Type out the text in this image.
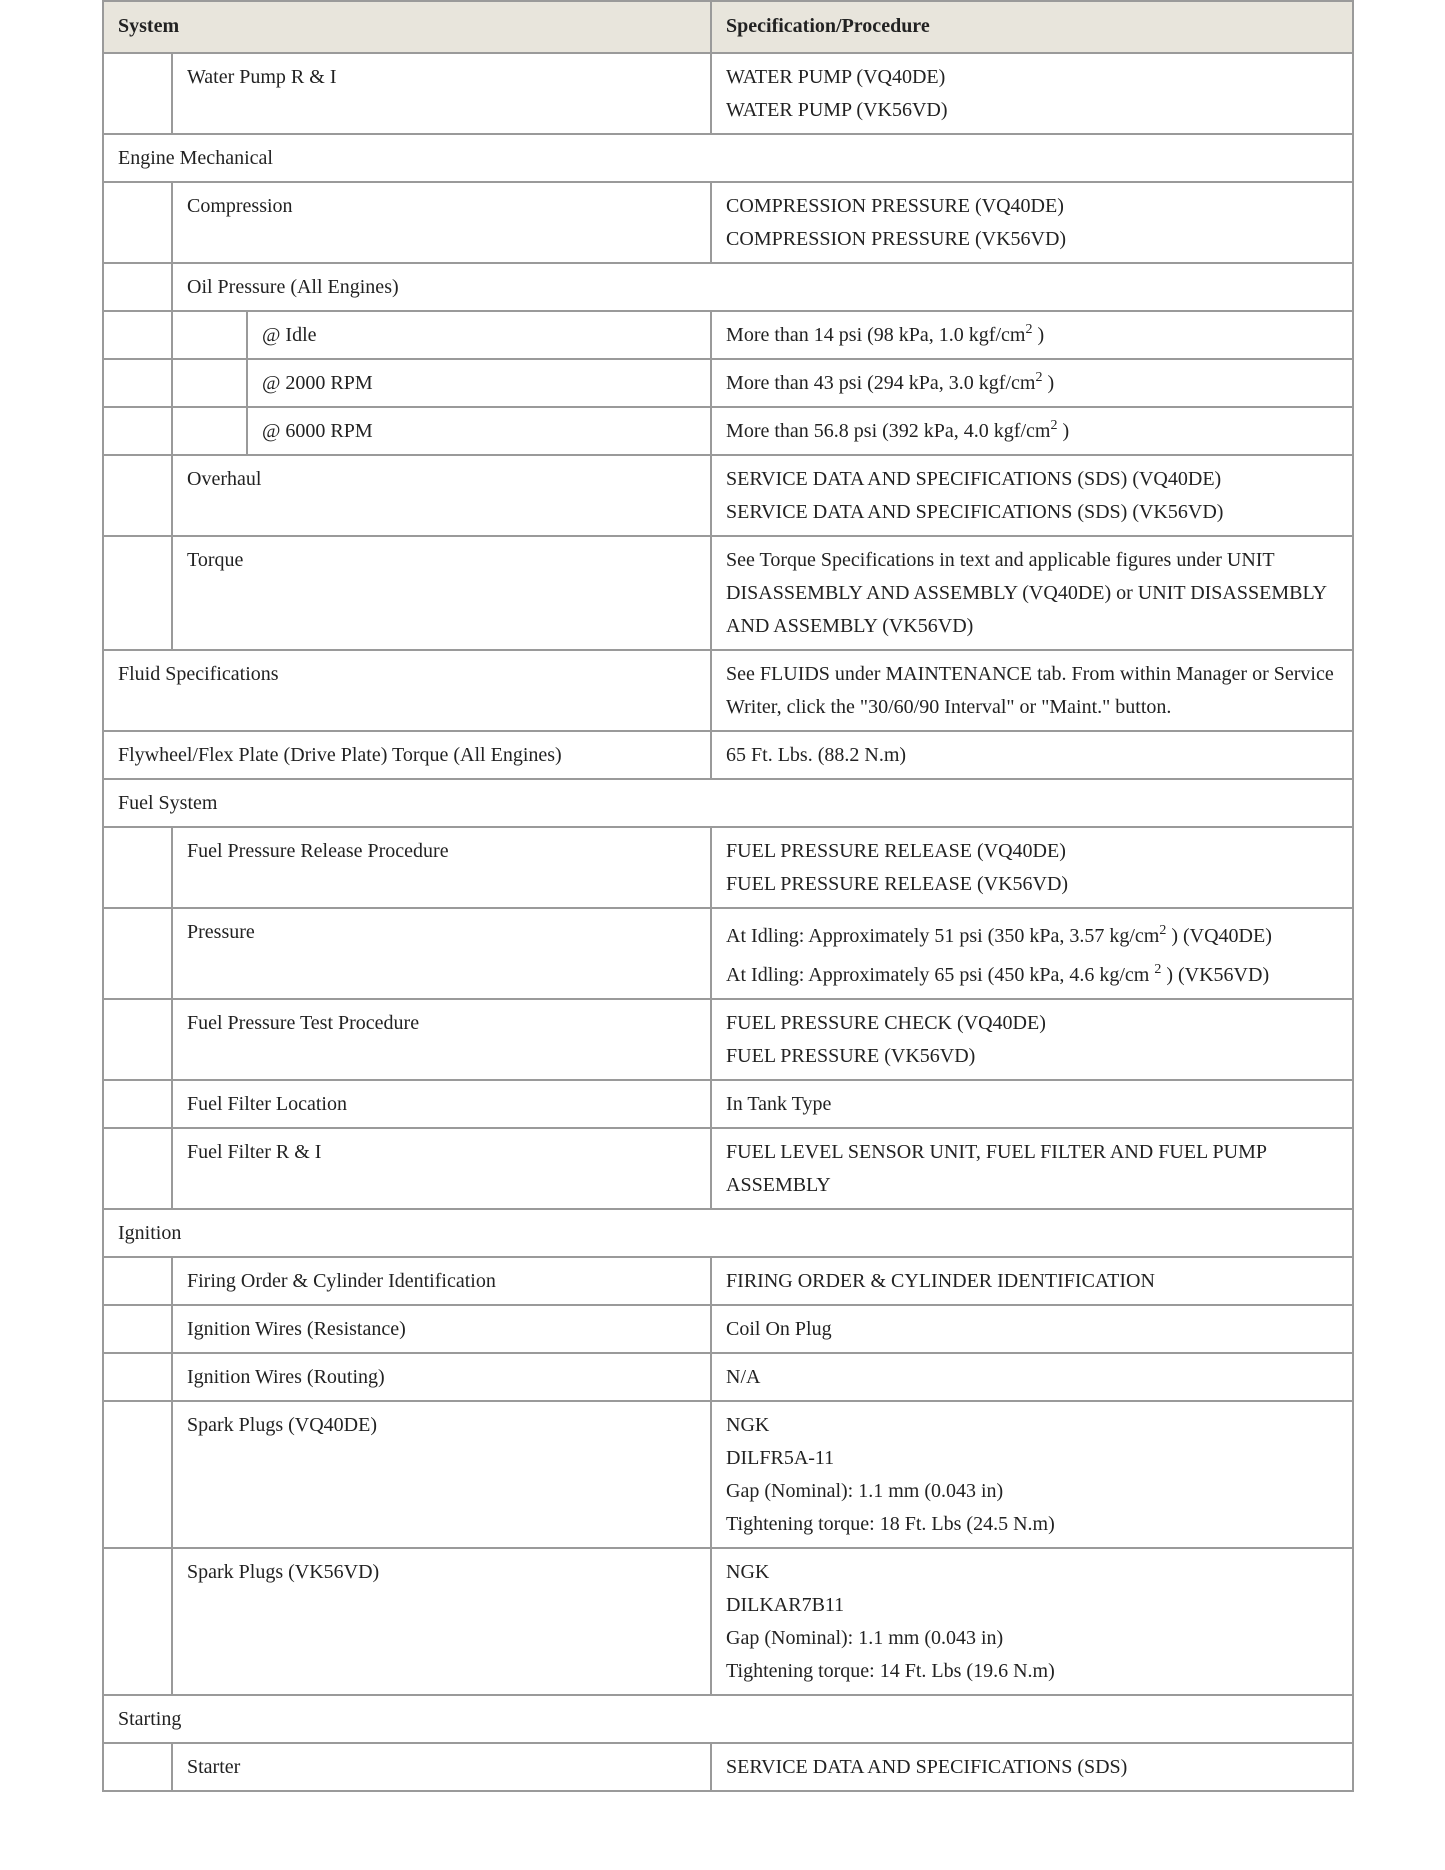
System			Specification/Procedure
	Water Pump R & I		WATER PUMP (VQ40DE)
WATER PUMP (VK56VD)

Engine Mechanical			
	Compression		COMPRESSION PRESSURE (VQ40DE)
COMPRESSION PRESSURE (VK56VD)

	Oil Pressure (All Engines)		
		@ Idle	More than 14 psi (98 kPa, 1.0 kgf/$cm^2$ )
		@ 2000 RPM	More than 43 psi (294 kPa, 3.0 kgf/$cm^2$ )
		@ 6000 RPM	More than 56.8 psi (392 kPa, 4.0 kgf/$cm^2$ )
	Overhaul		SERVICE DATA AND SPECIFICATIONS (SDS) (VQ40DE)
SERVICE DATA AND SPECIFICATIONS (SDS) (VK56VD)

	Torque		See Torque Specifications in text and applicable figures under UNIT DISASSEMBLY AND ASSEMBLY (VQ40DE) or UNIT DISASSEMBLY AND ASSEMBLY (VK56VD)
Fluid Specifications			See FLUIDS under MAINTENANCE tab. From within Manager or Service Writer, click the "30/60/90 Interval" or "Maint." button.
Flywheel/Flex Plate (Drive Plate) Torque (All Engines)			65 Ft. Lbs. (88.2 N.m)
Fuel System			
	Fuel Pressure Release Procedure		FUEL PRESSURE RELEASE (VQ40DE)
FUEL PRESSURE RELEASE (VK56VD)

	Pressure		At Idling: Approximately 51 psi (350 kPa, 3.57 $kg/cm^2$ ) (VQ40DE)
At Idling: Approximately 65 psi (450 kPa, 4.6 kg/cm $^2$ ) (VK56VD)

	Fuel Pressure Test Procedure		FUEL PRESSURE CHECK (VQ40DE)
FUEL PRESSURE (VK56VD)

	Fuel Filter Location		In Tank Type
	Fuel Filter R & I		FUEL LEVEL SENSOR UNIT, FUEL FILTER AND FUEL PUMP ASSEMBLY
Ignition			
	Firing Order & Cylinder Identification		FIRING ORDER & CYLINDER IDENTIFICATION
	Ignition Wires (Resistance)		Coil On Plug
	Ignition Wires (Routing)		N/A
	Spark Plugs (VQ40DE)		NGK
DILFR5A-11
Gap (Nominal): 1.1 mm (0.043 in)
Tightening torque: 18 Ft. Lbs (24.5 N.m)

	Spark Plugs (VK56VD)		NGK
DILKAR7B11
Gap (Nominal): 1.1 mm (0.043 in)
Tightening torque: 14 Ft. Lbs (19.6 N.m)

Starting			
	Starter		SERVICE DATA AND SPECIFICATIONS (SDS)
